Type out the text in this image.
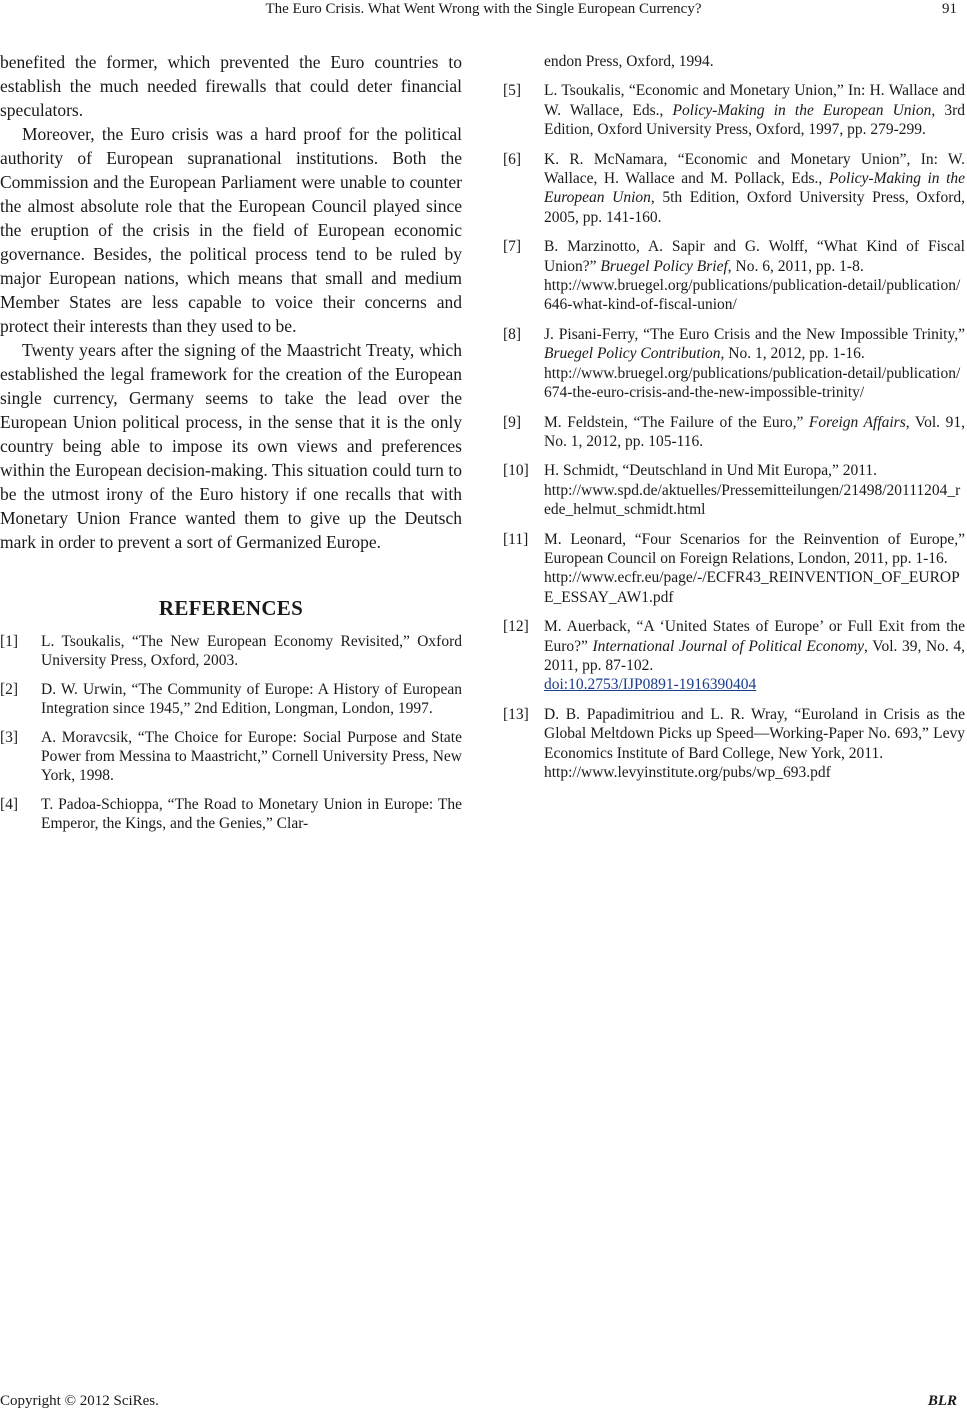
The Euro Crisis. What Went Wrong with the Single European Currency?	91

benefited the former, which prevented the Euro countries to establish the much needed firewalls that could deter financial speculators.

Moreover, the Euro crisis was a hard proof for the political authority of European supranational institutions. Both the Commission and the European Parliament were unable to counter the almost absolute role that the European Council played since the eruption of the crisis in the field of European economic governance. Besides, the political process tend to be ruled by major European nations, which means that small and medium Member States are less capable to voice their concerns and protect their interests than they used to be.

Twenty years after the signing of the Maastricht Treaty, which established the legal framework for the creation of the European single currency, Germany seems to take the lead over the European Union political process, in the sense that it is the only country being able to impose its own views and preferences within the European decision-making. This situation could turn to be the utmost irony of the Euro history if one recalls that with Monetary Union France wanted them to give up the Deutsch mark in order to prevent a sort of Germanized Europe.

REFERENCES
[1] L. Tsoukalis, “The New European Economy Revisited,” Oxford University Press, Oxford, 2003.
[2] D. W. Urwin, “The Community of Europe: A History of European Integration since 1945,” 2nd Edition, Longman, London, 1997.
[3] A. Moravcsik, “The Choice for Europe: Social Purpose and State Power from Messina to Maastricht,” Cornell University Press, New York, 1998.
[4] T. Padoa-Schioppa, “The Road to Monetary Union in Europe: The Emperor, the Kings, and the Genies,” Clar-
endon Press, Oxford, 1994.
[5] L. Tsoukalis, “Economic and Monetary Union,” In: H. Wallace and W. Wallace, Eds., Policy-Making in the European Union, 3rd Edition, Oxford University Press, Oxford, 1997, pp. 279-299.
[6] K. R. McNamara, “Economic and Monetary Union”, In: W. Wallace, H. Wallace and M. Pollack, Eds., Policy-Making in the European Union, 5th Edition, Oxford University Press, Oxford, 2005, pp. 141-160.
[7] B. Marzinotto, A. Sapir and G. Wolff, “What Kind of Fiscal Union?” Bruegel Policy Brief, No. 6, 2011, pp. 1-8.
http://www.bruegel.org/publications/publication-detail/publication/646-what-kind-of-fiscal-union/
[8] J. Pisani-Ferry, “The Euro Crisis and the New Impossible Trinity,” Bruegel Policy Contribution, No. 1, 2012, pp. 1-16.
http://www.bruegel.org/publications/publication-detail/publication/674-the-euro-crisis-and-the-new-impossible-trinity/
[9] M. Feldstein, “The Failure of the Euro,” Foreign Affairs, Vol. 91, No. 1, 2012, pp. 105-116.
[10] H. Schmidt, “Deutschland in Und Mit Europa,” 2011.
http://www.spd.de/aktuelles/Pressemitteilungen/21498/20111204_rede_helmut_schmidt.html
[11] M. Leonard, “Four Scenarios for the Reinvention of Europe,” European Council on Foreign Relations, London, 2011, pp. 1-16.
http://www.ecfr.eu/page/-/ECFR43_REINVENTION_OF_EUROPE_ESSAY_AW1.pdf
[12] M. Auerback, “A ‘United States of Europe’ or Full Exit from the Euro?” International Journal of Political Economy, Vol. 39, No. 4, 2011, pp. 87-102.
doi:10.2753/IJP0891-1916390404
[13] D. B. Papadimitriou and L. R. Wray, “Euroland in Crisis as the Global Meltdown Picks up Speed—Working-Paper No. 693,” Levy Economics Institute of Bard College, New York, 2011.
http://www.levyinstitute.org/pubs/wp_693.pdf
Copyright © 2012 SciRes.	BLR
